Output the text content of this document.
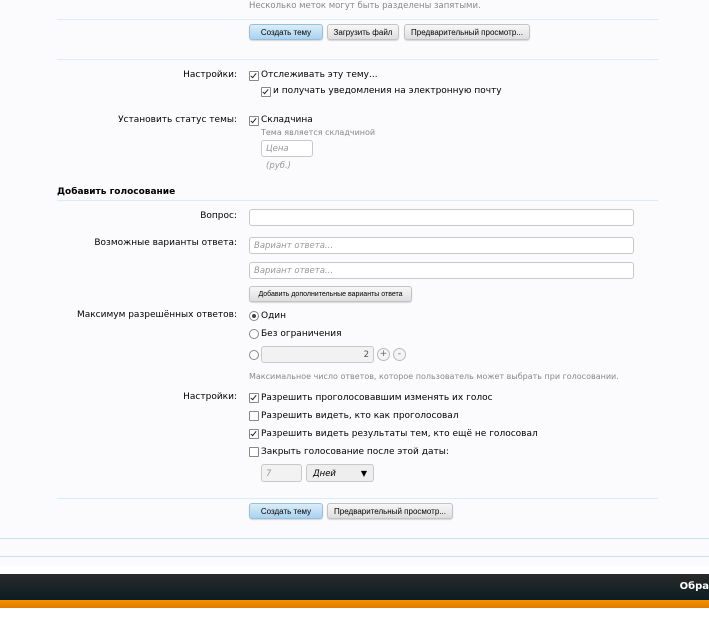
Несколько меток могут быть разделены запятыми.
Создать тему	Загрузить файл	Предварительный просмотр...
Настройки:	Отслеживать эту тему...
и получать уведомления на электронную почту
Установить статус темы:	Складчина
Тема является складчиной
Цена (руб.)
Добавить голосование
Вопрос:
Возможные варианты ответа:	Вариант ответа...
Вариант ответа...
Добавить дополнительные варианты ответа
Максимум разрешённых ответов:	Один
Без ограничения
2	+	-
Максимальное число ответов, которое пользователь может выбрать при голосовании.
Настройки:	Разрешить проголосовавшим изменять их голос
Разрешить видеть, кто как проголосовал
Разрешить видеть результаты тем, кто ещё не голосовал
Закрыть голосование после этой даты:
7	Дней	▼
Создать тему	Предварительный просмотр...
Обра
